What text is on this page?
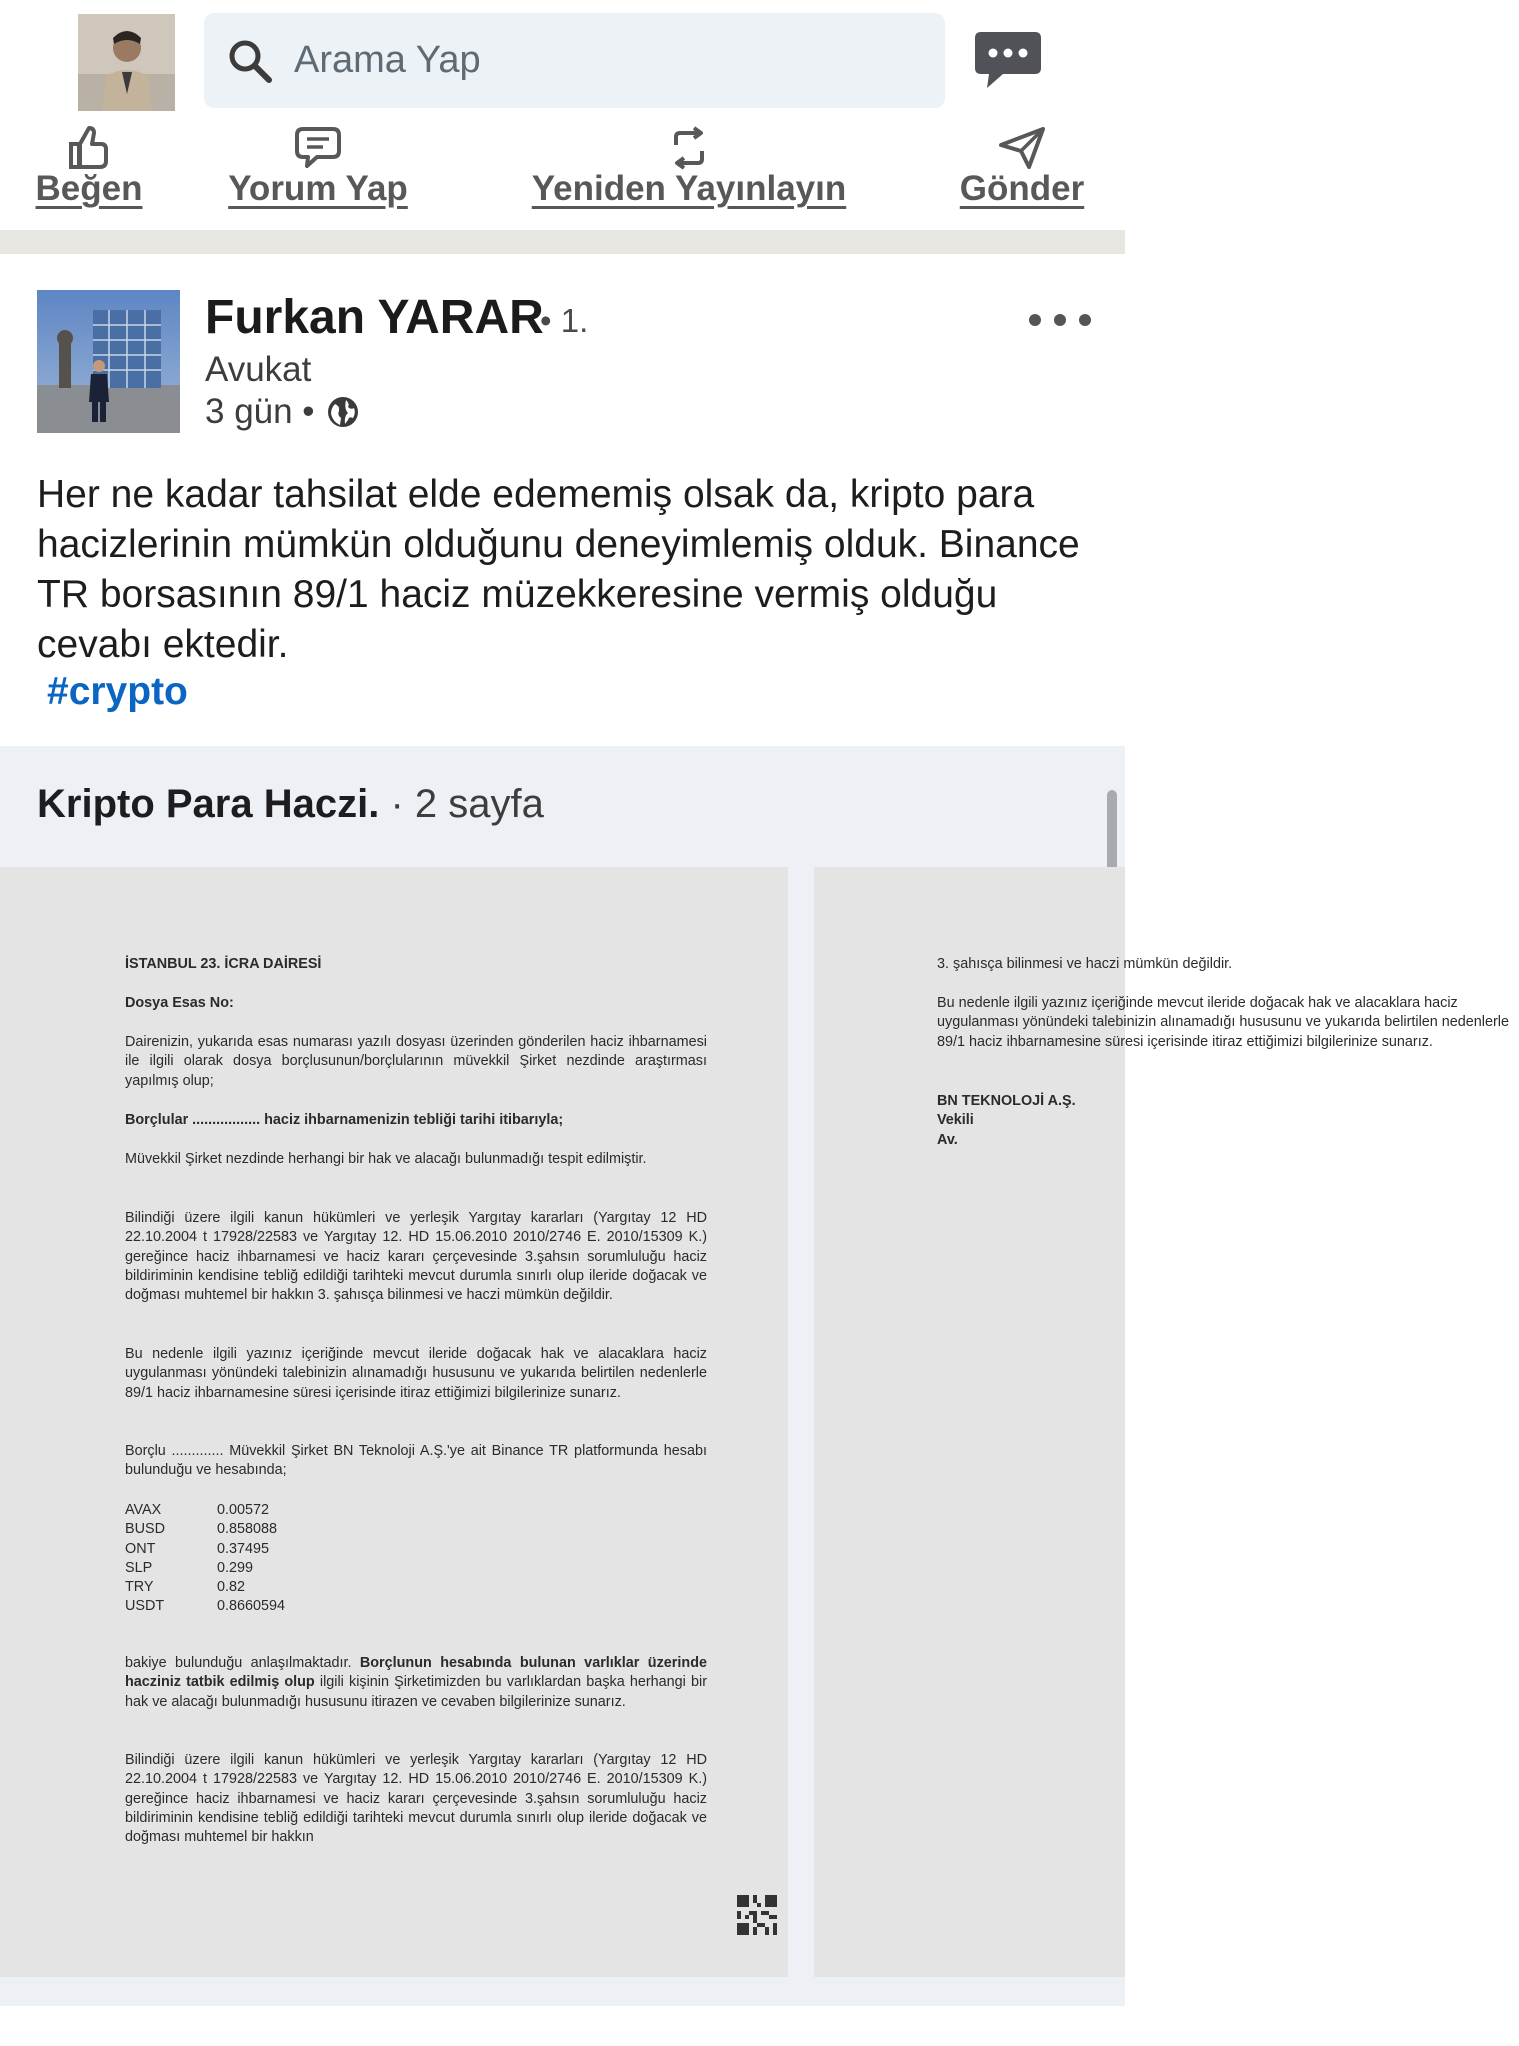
Arama Yap
Beğen Yorum Yap	Yeniden Yayınlayın	Gönder
Furkan YARAR
• 1.
Avukat
3 gün •
Her ne kadar tahsilat elde edememiş olsak da, kripto para hacizlerinin mümkün olduğunu deneyimlemiş olduk. Binance TR borsasının 89/1 haciz müzekkeresine vermiş olduğu cevabı ektedir.
#crypto
Kripto Para Haczi. · 2 sayfa
İSTANBUL 23. İCRA DAİRESİ
Dosya Esas No:
Dairenizin, yukarıda esas numarası yazılı dosyası üzerinden gönderilen haciz ihbarnamesi ile ilgili olarak dosya borçlusunun/borçlularının müvekkil Şirket nezdinde araştırması yapılmış olup;
Borçlular ................. haciz ihbarnamenizin tebliği tarihi itibarıyla;
Müvekkil Şirket nezdinde herhangi bir hak ve alacağı bulunmadığı tespit edilmiştir.
Bilindiği üzere ilgili kanun hükümleri ve yerleşik Yargıtay kararları (Yargıtay 12 HD 22.10.2004 t 17928/22583 ve Yargıtay 12. HD 15.06.2010 2010/2746 E. 2010/15309 K.) gereğince haciz ihbarnamesi ve haciz kararı çerçevesinde 3.şahsın sorumluluğu haciz bildiriminin kendisine tebliğ edildiği tarihteki mevcut durumla sınırlı olup ileride doğacak ve doğması muhtemel bir hakkın 3. şahısça bilinmesi ve haczi mümkün değildir.
Bu nedenle ilgili yazınız içeriğinde mevcut ileride doğacak hak ve alacaklara haciz uygulanması yönündeki talebinizin alınamadığı hususunu ve yukarıda belirtilen nedenlerle 89/1 haciz ihbarnamesine süresi içerisinde itiraz ettiğimizi bilgilerinize sunarız.
Borçlu ............. Müvekkil Şirket BN Teknoloji A.Ş.'ye ait Binance TR platformunda hesabı bulunduğu ve hesabında;
AVAX	0.00572
BUSD	0.858088
ONT	0.37495
SLP	0.299
TRY	0.82
USDT	0.8660594
bakiye bulunduğu anlaşılmaktadır. Borçlunun hesabında bulunan varlıklar üzerinde hacziniz tatbik edilmiş olup ilgili kişinin Şirketimizden bu varlıklardan başka herhangi bir hak ve alacağı bulunmadığı hususunu itirazen ve cevaben bilgilerinize sunarız.
Bilindiği üzere ilgili kanun hükümleri ve yerleşik Yargıtay kararları (Yargıtay 12 HD 22.10.2004 t 17928/22583 ve Yargıtay 12. HD 15.06.2010 2010/2746 E. 2010/15309 K.) gereğince haciz ihbarnamesi ve haciz kararı çerçevesinde 3.şahsın sorumluluğu haciz bildiriminin kendisine tebliğ edildiği tarihteki mevcut durumla sınırlı olup ileride doğacak ve doğması muhtemel bir hakkın
3. şahısça bilinmesi ve haczi mümkün değildir.
Bu nedenle ilgili yazınız içeriğinde mevcut ileride doğacak hak ve alacaklara haciz uygulanması yönündeki talebinizin alınamadığı hususunu ve yukarıda belirtilen nedenlerle 89/1 haciz ihbarnamesine süresi içerisinde itiraz ettiğimizi bilgilerinize sunarız.
BN TEKNOLOJİ A.Ş.
Vekili
Av.
